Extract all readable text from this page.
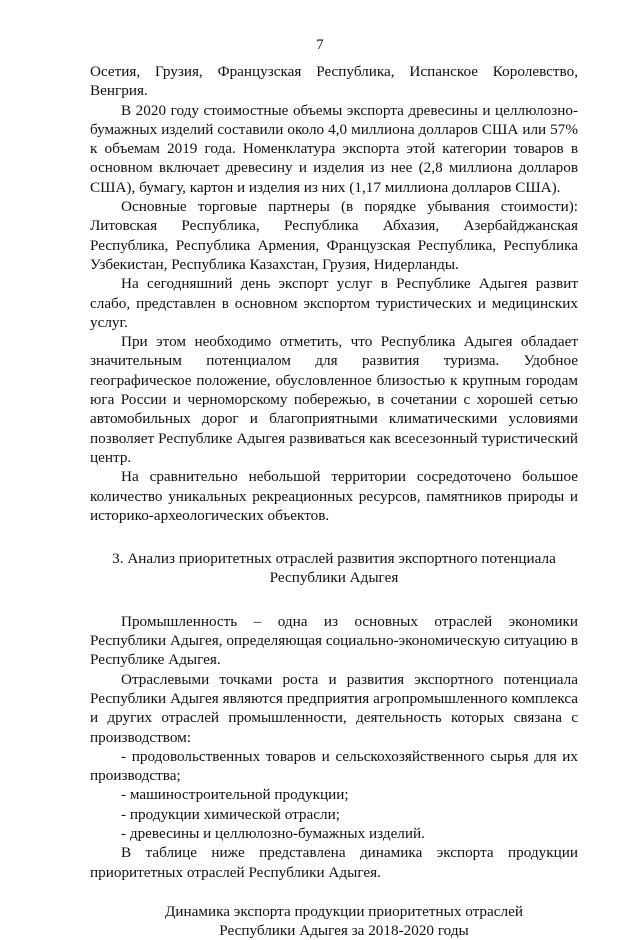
7

Осетия, Грузия, Французская Республика, Испанское Королевство, Венгрия.

В 2020 году стоимостные объемы экспорта древесины и целлюлозно-бумажных изделий составили около 4,0 миллиона долларов США или 57% к объемам 2019 года. Номенклатура экспорта этой категории товаров в основном включает древесину и изделия из нее (2,8 миллиона долларов США), бумагу, картон и изделия из них (1,17 миллиона долларов США).

Основные торговые партнеры (в порядке убывания стоимости): Литовская Республика, Республика Абхазия, Азербайджанская Республика, Республика Армения, Французская Республика, Республика Узбекистан, Республика Казахстан, Грузия, Нидерланды.

На сегодняшний день экспорт услуг в Республике Адыгея развит слабо, представлен в основном экспортом туристических и медицинских услуг.

При этом необходимо отметить, что Республика Адыгея обладает значительным потенциалом для развития туризма. Удобное географическое положение, обусловленное близостью к крупным городам юга России и черноморскому побережью, в сочетании с хорошей сетью автомобильных дорог и благоприятными климатическими условиями позволяет Республике Адыгея развиваться как всесезонный туристический центр.

На сравнительно небольшой территории сосредоточено большое количество уникальных рекреационных ресурсов, памятников природы и историко-археологических объектов.

3. Анализ приоритетных отраслей развития экспортного потенциала

Республики Адыгея

Промышленность – одна из основных отраслей экономики Республики Адыгея, определяющая социально-экономическую ситуацию в Республике Адыгея.

Отраслевыми точками роста и развития экспортного потенциала Республики Адыгея являются предприятия агропромышленного комплекса и других отраслей промышленности, деятельность которых связана с производством:

- продовольственных товаров и сельскохозяйственного сырья для их производства;

- машиностроительной продукции;

- продукции химической отрасли;

- древесины и целлюлозно-бумажных изделий.

В таблице ниже представлена динамика экспорта продукции приоритетных отраслей Республики Адыгея.

Динамика экспорта продукции приоритетных отраслей

Республики Адыгея за 2018-2020 годы
